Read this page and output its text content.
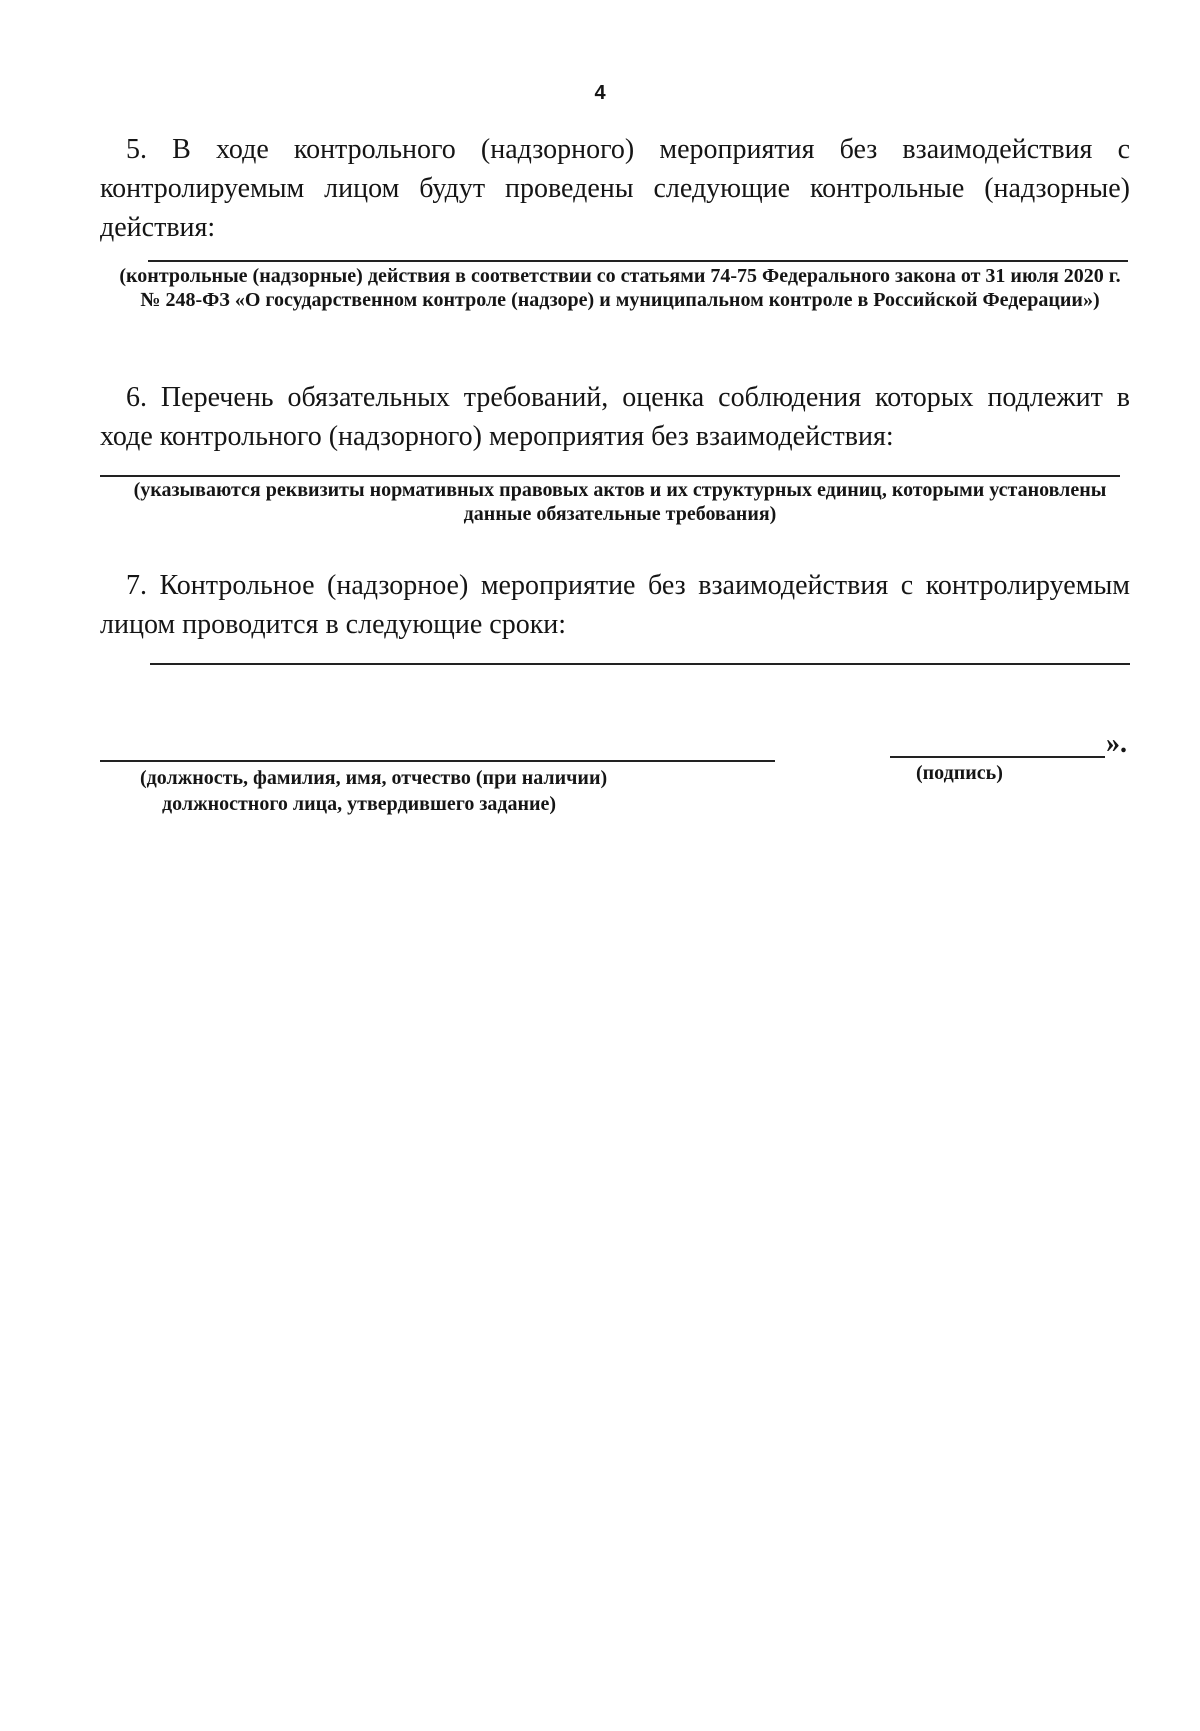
4
5. В ходе контрольного (надзорного) мероприятия без взаимодействия с контролируемым лицом будут проведены следующие контрольные (надзорные) действия:
(контрольные (надзорные) действия в соответствии со статьями 74-75 Федерального закона от 31 июля 2020 г. № 248-ФЗ «О государственном контроле (надзоре) и муниципальном контроле в Российской Федерации»)
6. Перечень обязательных требований, оценка соблюдения которых подлежит в ходе контрольного (надзорного) мероприятия без взаимодействия:
(указываются реквизиты нормативных правовых актов и их структурных единиц, которыми установлены данные обязательные требования)
7. Контрольное (надзорное) мероприятие без взаимодействия с контролируемым лицом проводится в следующие сроки:
».
(должность, фамилия, имя, отчество (при наличии)
должностного лица, утвердившего задание)
(подпись)
